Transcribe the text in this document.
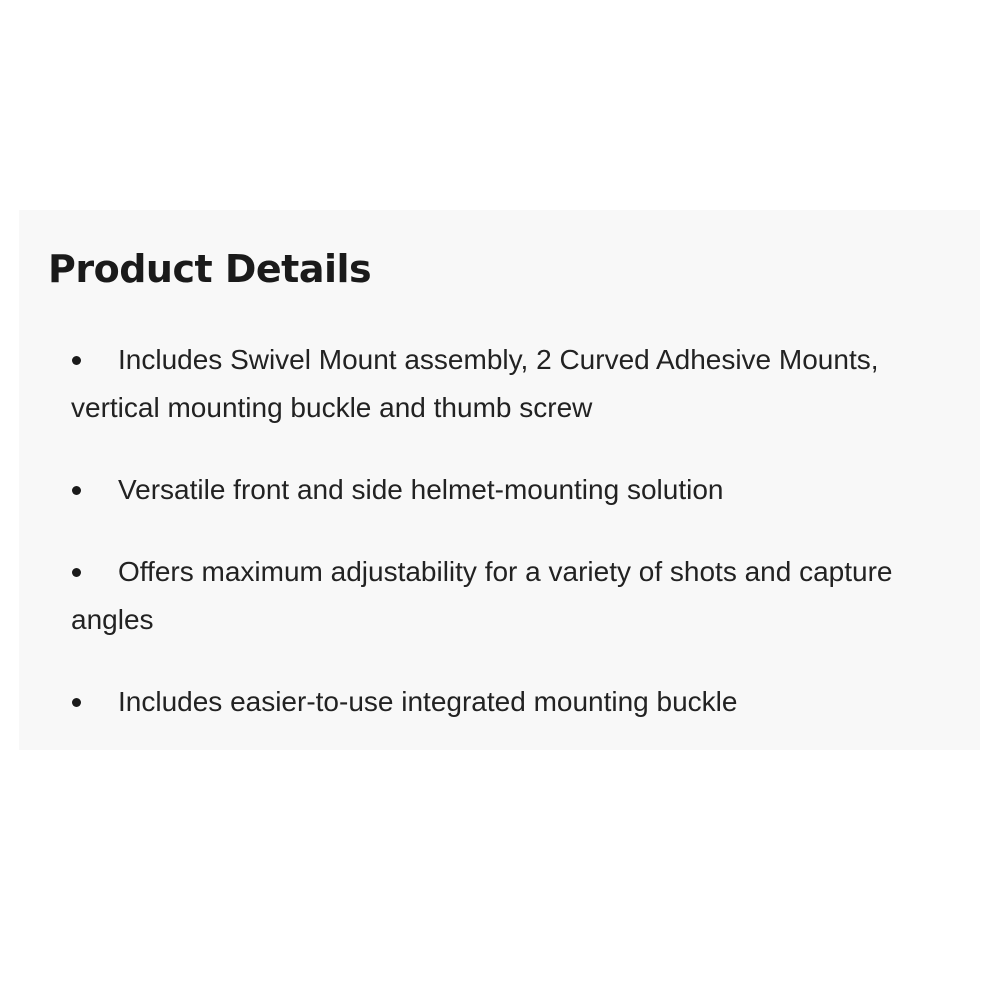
Product Details
Includes Swivel Mount assembly, 2 Curved Adhesive Mounts, vertical mounting buckle and thumb screw
Versatile front and side helmet-mounting solution
Offers maximum adjustability for a variety of shots and capture angles
Includes easier-to-use integrated mounting buckle
